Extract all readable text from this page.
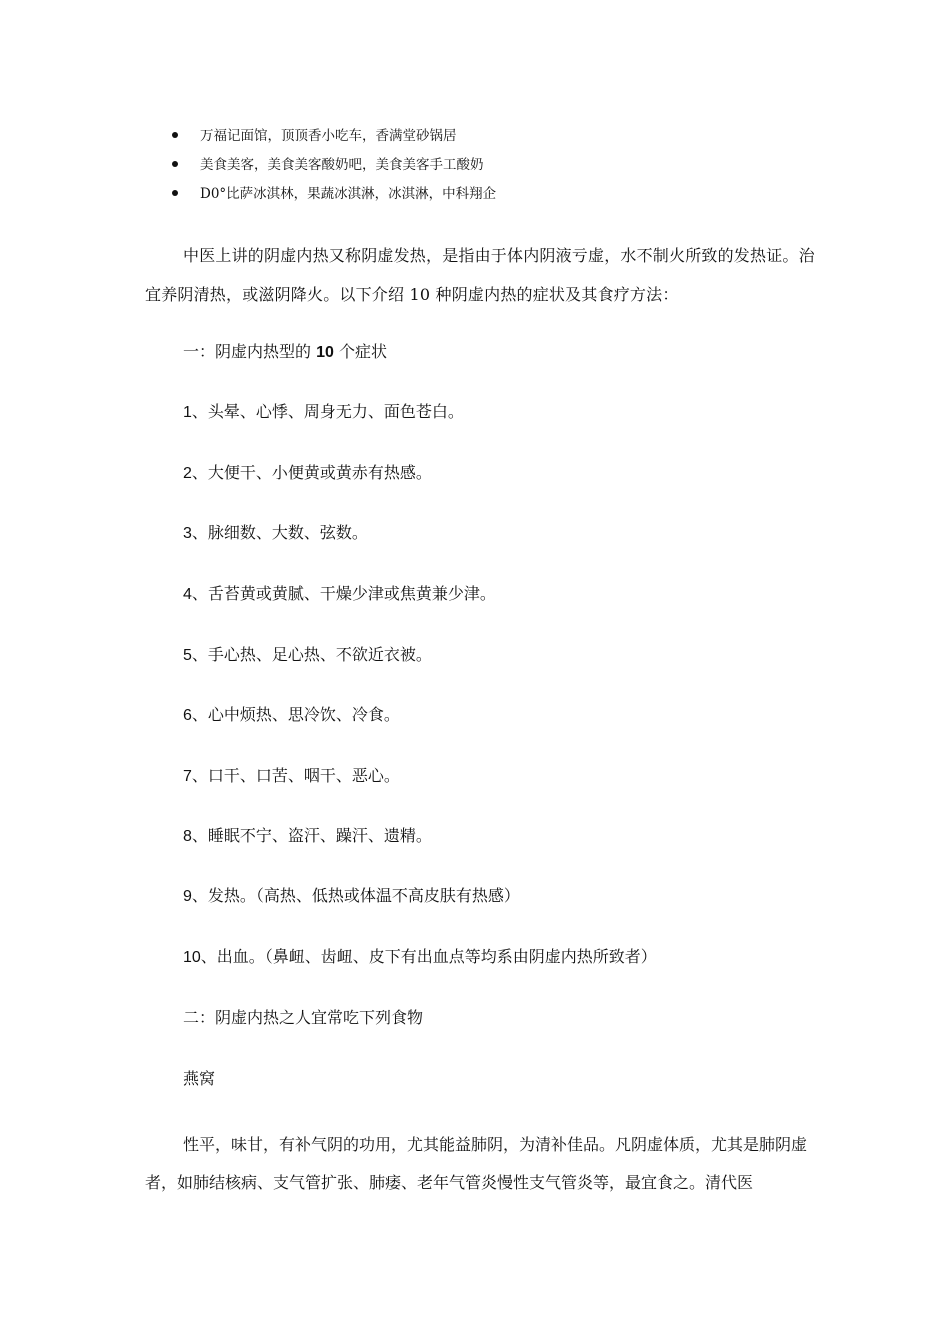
万福记面馆，顶顶香小吃车，香满堂砂锅居
美食美客，美食美客酸奶吧，美食美客手工酸奶
D0°比萨冰淇林，果蔬冰淇淋，冰淇淋，中科翔企

中医上讲的阴虚内热又称阴虚发热，是指由于体内阴液亏虚，水不制火所致的发热证。治宜养阴清热，或滋阴降火。以下介绍 10 种阴虚内热的症状及其食疗方法：

一：阴虚内热型的 10 个症状

1、头晕、心悸、周身无力、面色苍白。

2、大便干、小便黄或黄赤有热感。

3、脉细数、大数、弦数。

4、舌苔黄或黄腻、干燥少津或焦黄兼少津。

5、手心热、足心热、不欲近衣被。

6、心中烦热、思冷饮、冷食。

7、口干、口苦、咽干、恶心。

8、睡眠不宁、盗汗、躁汗、遗精。

9、发热。（高热、低热或体温不高皮肤有热感）

10、出血。（鼻衄、齿衄、皮下有出血点等均系由阴虚内热所致者）

二：阴虚内热之人宜常吃下列食物

燕窝

性平，味甘，有补气阴的功用，尤其能益肺阴，为清补佳品。凡阴虚体质，尤其是肺阴虚者，如肺结核病、支气管扩张、肺痿、老年气管炎慢性支气管炎等，最宜食之。清代医
